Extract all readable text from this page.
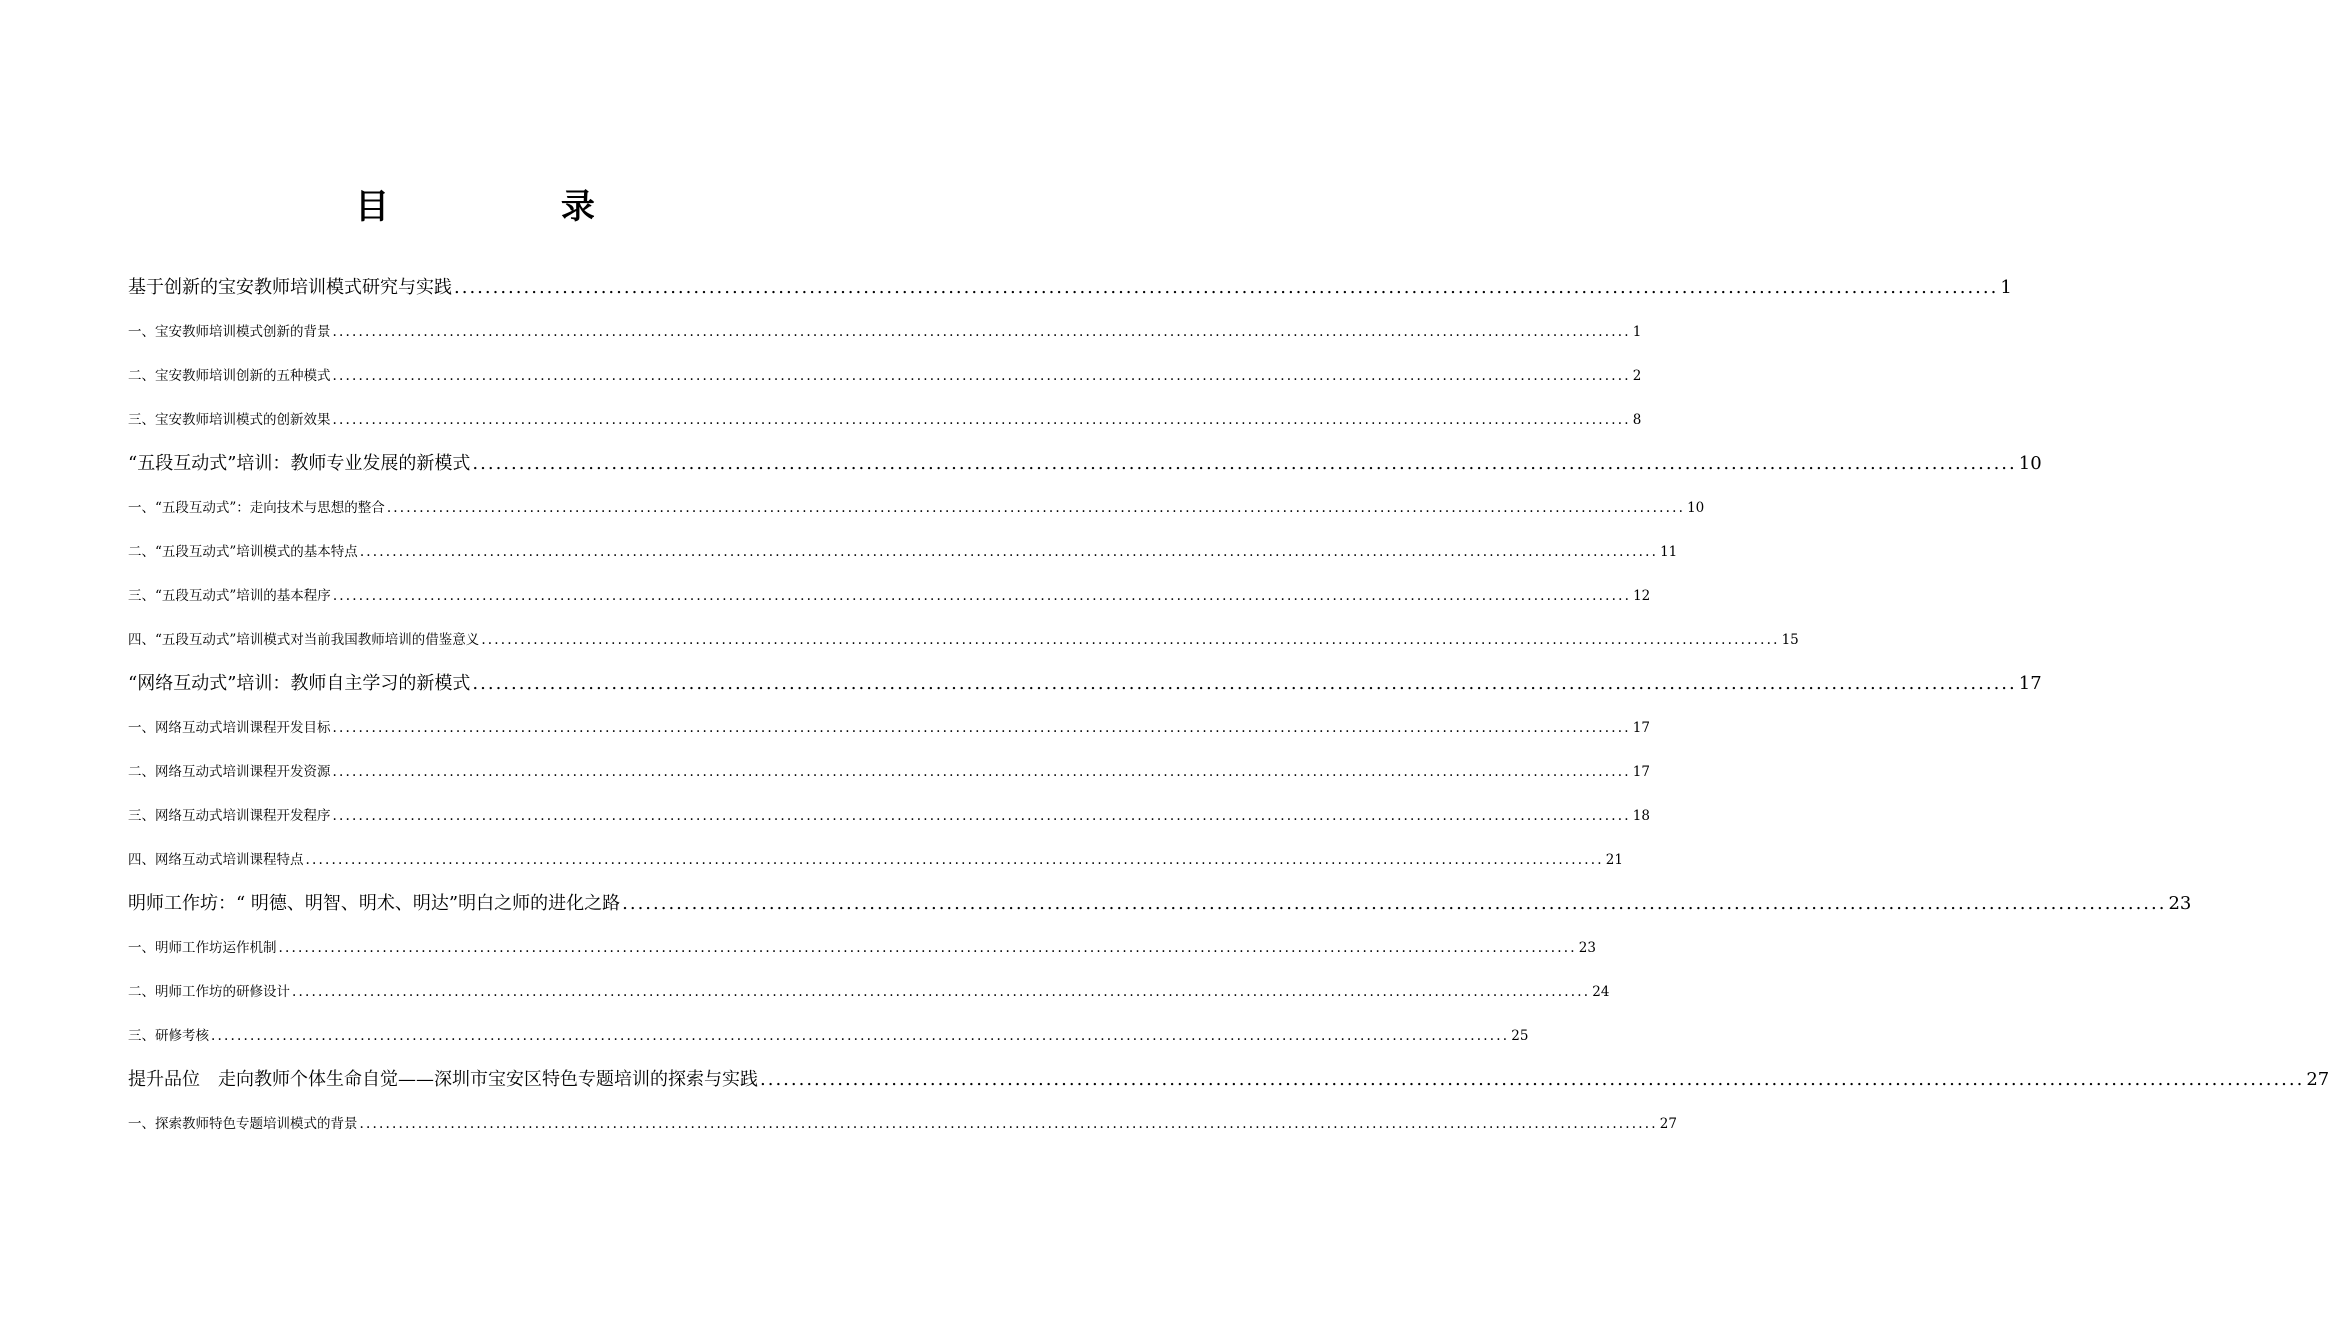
目 录
基于创新的宝安教师培训模式研究与实践 ........................................................................................................................................................................................................ 1
一、宝安教师培训模式创新的背景 ........................................................................................................................................................................................................ 1
二、宝安教师培训创新的五种模式 ........................................................................................................................................................................................................ 2
三、宝安教师培训模式的创新效果 ........................................................................................................................................................................................................ 8
“五段互动式”培训：教师专业发展的新模式 ........................................................................................................................................................................................................ 10
一、“五段互动式”：走向技术与思想的整合 ........................................................................................................................................................................................................ 10
二、“五段互动式”培训模式的基本特点 ........................................................................................................................................................................................................ 11
三、“五段互动式”培训的基本程序 ........................................................................................................................................................................................................ 12
四、“五段互动式”培训模式对当前我国教师培训的借鉴意义 ........................................................................................................................................................................................................ 15
“网络互动式”培训：教师自主学习的新模式 ........................................................................................................................................................................................................ 17
一、网络互动式培训课程开发目标 ........................................................................................................................................................................................................ 17
二、网络互动式培训课程开发资源 ........................................................................................................................................................................................................ 17
三、网络互动式培训课程开发程序 ........................................................................................................................................................................................................ 18
四、网络互动式培训课程特点 ........................................................................................................................................................................................................ 21
明师工作坊：“ 明德、明智、明术、明达”明白之师的进化之路 ........................................................................................................................................................................................................ 23
一、明师工作坊运作机制 ........................................................................................................................................................................................................ 23
二、明师工作坊的研修设计 ........................................................................................................................................................................................................ 24
三、研修考核 ........................................................................................................................................................................................................ 25
提升品位　走向教师个体生命自觉——深圳市宝安区特色专题培训的探索与实践 ........................................................................................................................................................................................................ 27
一、探索教师特色专题培训模式的背景 ........................................................................................................................................................................................................ 27
